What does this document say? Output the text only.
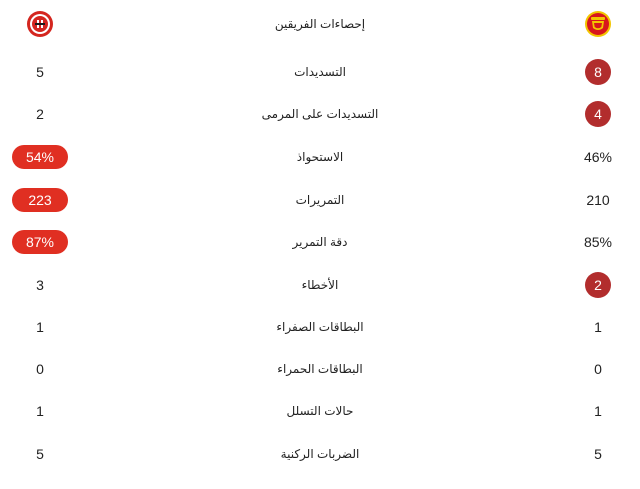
إحصاءات الفريقين
5	التسديدات	8
2	التسديدات على المرمى	4
54%	الاستحواذ	46%
223	التمريرات	210
87%	دقة التمرير	85%
3	الأخطاء	2
1	البطاقات الصفراء	1
0	البطاقات الحمراء	0
1	حالات التسلل	1
5	الضربات الركنية	5
